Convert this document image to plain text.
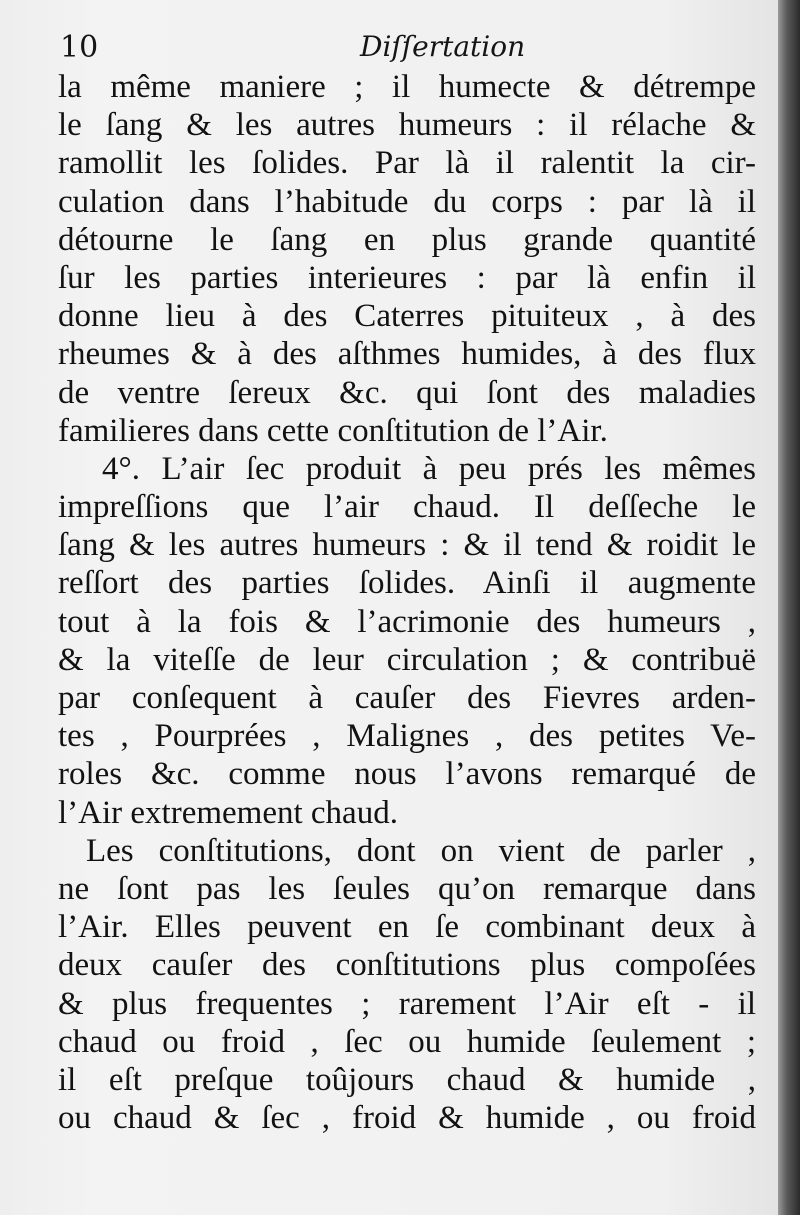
10	Diſſertation
la même maniere ; il humecte & détrempe
le ſang & les autres humeurs : il rélache &
ramollit les ſolides. Par là il ralentit la cir-
culation dans l’habitude du corps : par là il
détourne le ſang en plus grande quantité
ſur les parties interieures : par là enfin il
donne lieu à des Caterres pituiteux , à des
rheumes & à des aſthmes humides, à des flux
de ventre ſereux &c. qui ſont des maladies
familieres dans cette conſtitution de l’Air.
4°. L’air ſec produit à peu prés les mêmes
impreſſions que l’air chaud. Il deſſeche le
ſang & les autres humeurs : & il tend & roidit le
reſſort des parties ſolides. Ainſi il augmente
tout à la fois & l’acrimonie des humeurs ,
& la viteſſe de leur circulation ; & contribuë
par conſequent à cauſer des Fievres arden-
tes , Pourprées , Malignes , des petites Ve-
roles &c. comme nous l’avons remarqué de
l’Air extremement chaud.
Les conſtitutions, dont on vient de parler ,
ne ſont pas les ſeules qu’on remarque dans
l’Air. Elles peuvent en ſe combinant deux à
deux cauſer des conſtitutions plus compoſées
& plus frequentes ; rarement l’Air eſt - il
chaud ou froid , ſec ou humide ſeulement ;
il eſt preſque toûjours chaud & humide ,
ou chaud & ſec , froid & humide , ou froid
